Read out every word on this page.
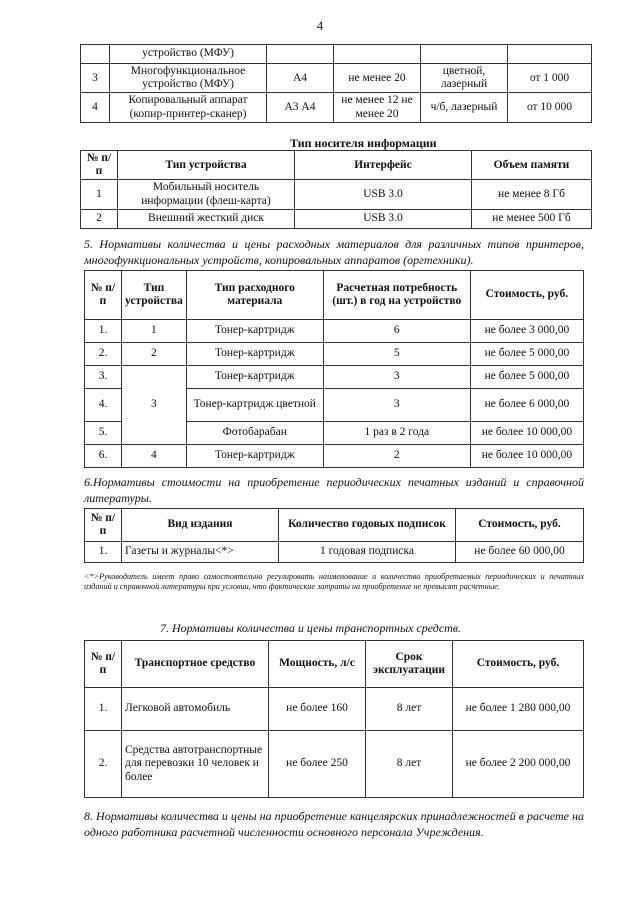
4
	устройство (МФУ)				
3	Многофункциональное устройство (МФУ)	А4	не менее 20	цветной, лазерный	от 1 000
4	Копировальный аппарат (копир-принтер-сканер)	А3 А4	не менее 12 не менее 20	ч/б, лазерный	от 10 000
Тип носителя информации
№ п/п	Тип устройства	Интерфейс	Объем памяти
1	Мобильный носитель информации (флеш-карта)	USB 3.0	не менее 8 Гб
2	Внешний жесткий диск	USB 3.0	не менее 500 Гб
5. Нормативы количества и цены расходных материалов для различных типов принтеров, многофункциональных устройств, копировальных аппаратов (оргтехники).
№ п/п	Тип устройства	Тип расходного материала	Расчетная потребность (шт.) в год на устройство	Стоимость, руб.
1.	1	Тонер-картридж	6	не более 3 000,00
2.	2	Тонер-картридж	5	не более 5 000,00
3.	3	Тонер-картридж	3	не более 5 000,00
4.		Тонер-картридж цветной	3	не более 6 000,00
5.		Фотобарабан	1 раз в 2 года	не более 10 000,00
6.	4	Тонер-картридж	2	не более 10 000,00
6.Нормативы стоимости на приобретение периодических печатных изданий и справочной литературы.
№ п/п	Вид издания	Количество годовых подписок	Стоимость, руб.
1.	Газеты и журналы<*>	1 годовая подписка	не более 60 000,00
<*>Руководитель имеет право самостоятельно регулировать наименование и количество приобретаемых периодических и печатных изданий и справочной литературы при условии, что фактические затраты на приобретение не превысят расчетные.
7. Нормативы количества и цены транспортных средств.
№ п/п	Транспортное средство	Мощность, л/с	Срок эксплуатации	Стоимость, руб.
1.	Легковой автомобиль	не более 160	8 лет	не более 1 280 000,00
2.	Средства автотранспортные для перевозки 10 человек и более	не более 250	8 лет	не более 2 200 000,00
8. Нормативы количества и цены на приобретение канцелярских принадлежностей в расчете на одного работника расчетной численности основного персонала Учреждения.
